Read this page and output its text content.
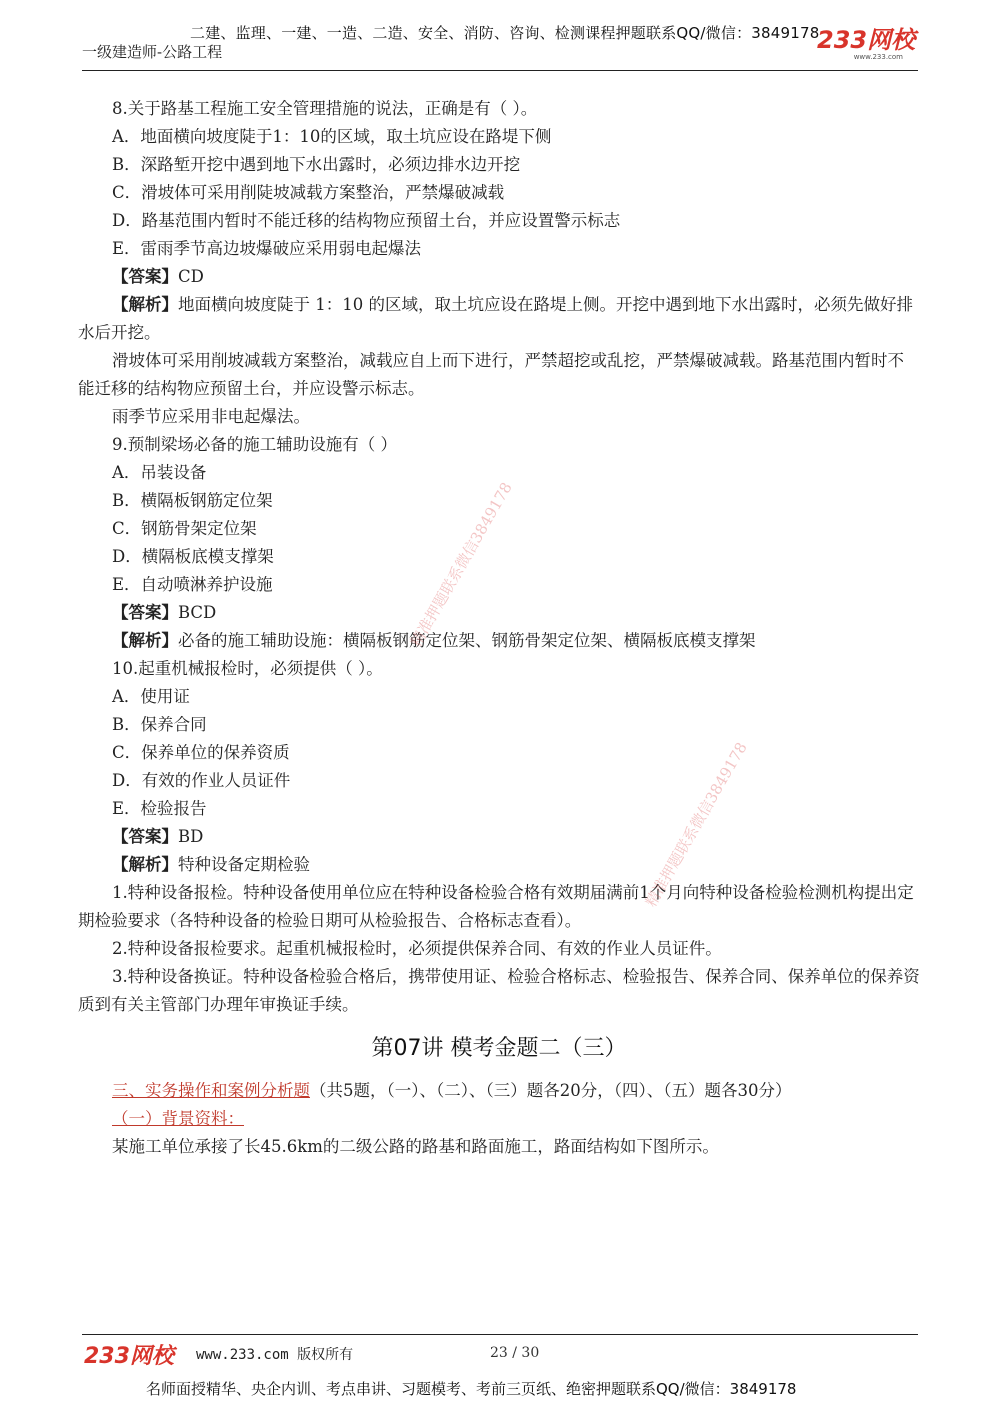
二建、监理、一建、一造、二造、安全、消防、咨询、检测课程押题联系QQ/微信：3849178
一级建造师-公路工程	233网校
www.233.com
8.关于路基工程施工安全管理措施的说法，正确是有（ ）。
A．地面横向坡度陡于1：10的区域，取土坑应设在路堤下侧
B．深路堑开挖中遇到地下水出露时，必须边排水边开挖
C．滑坡体可采用削陡坡减载方案整治，严禁爆破减载
D．路基范围内暂时不能迁移的结构物应预留土台，并应设置警示标志
E．雷雨季节高边坡爆破应采用弱电起爆法
【答案】CD
【解析】地面横向坡度陡于 1：10 的区域，取土坑应设在路堤上侧。开挖中遇到地下水出露时，必须先做好排水后开挖。
滑坡体可采用削坡减载方案整治，减载应自上而下进行，严禁超挖或乱挖，严禁爆破减载。路基范围内暂时不能迁移的结构物应预留土台，并应设警示标志。
雨季节应采用非电起爆法。
9.预制梁场必备的施工辅助设施有（ ）
A．吊装设备
B．横隔板钢筋定位架
C．钢筋骨架定位架
D．横隔板底模支撑架
E．自动喷淋养护设施
【答案】BCD
【解析】必备的施工辅助设施：横隔板钢筋定位架、钢筋骨架定位架、横隔板底模支撑架
10.起重机械报检时，必须提供（ ）。
A．使用证
B．保养合同
C．保养单位的保养资质
D．有效的作业人员证件
E．检验报告
【答案】BD
【解析】特种设备定期检验
1.特种设备报检。特种设备使用单位应在特种设备检验合格有效期届满前1个月向特种设备检验检测机构提出定期检验要求（各特种设备的检验日期可从检验报告、合格标志查看）。
2.特种设备报检要求。起重机械报检时，必须提供保养合同、有效的作业人员证件。
3.特种设备换证。特种设备检验合格后，携带使用证、检验合格标志、检验报告、保养合同、保养单位的保养资质到有关主管部门办理年审换证手续。
第07讲 模考金题二（三）
三、实务操作和案例分析题（共5题，（一）、（二）、（三）题各20分，（四）、（五）题各30分）
（一）背景资料：
某施工单位承接了长45.6km的二级公路的路基和路面施工，路面结构如下图所示。
精准押题联系微信3849178
精准押题联系微信3849178
233网校 www.233.com 版权所有	23 / 30
名师面授精华、央企内训、考点串讲、习题模考、考前三页纸、绝密押题联系QQ/微信：3849178
